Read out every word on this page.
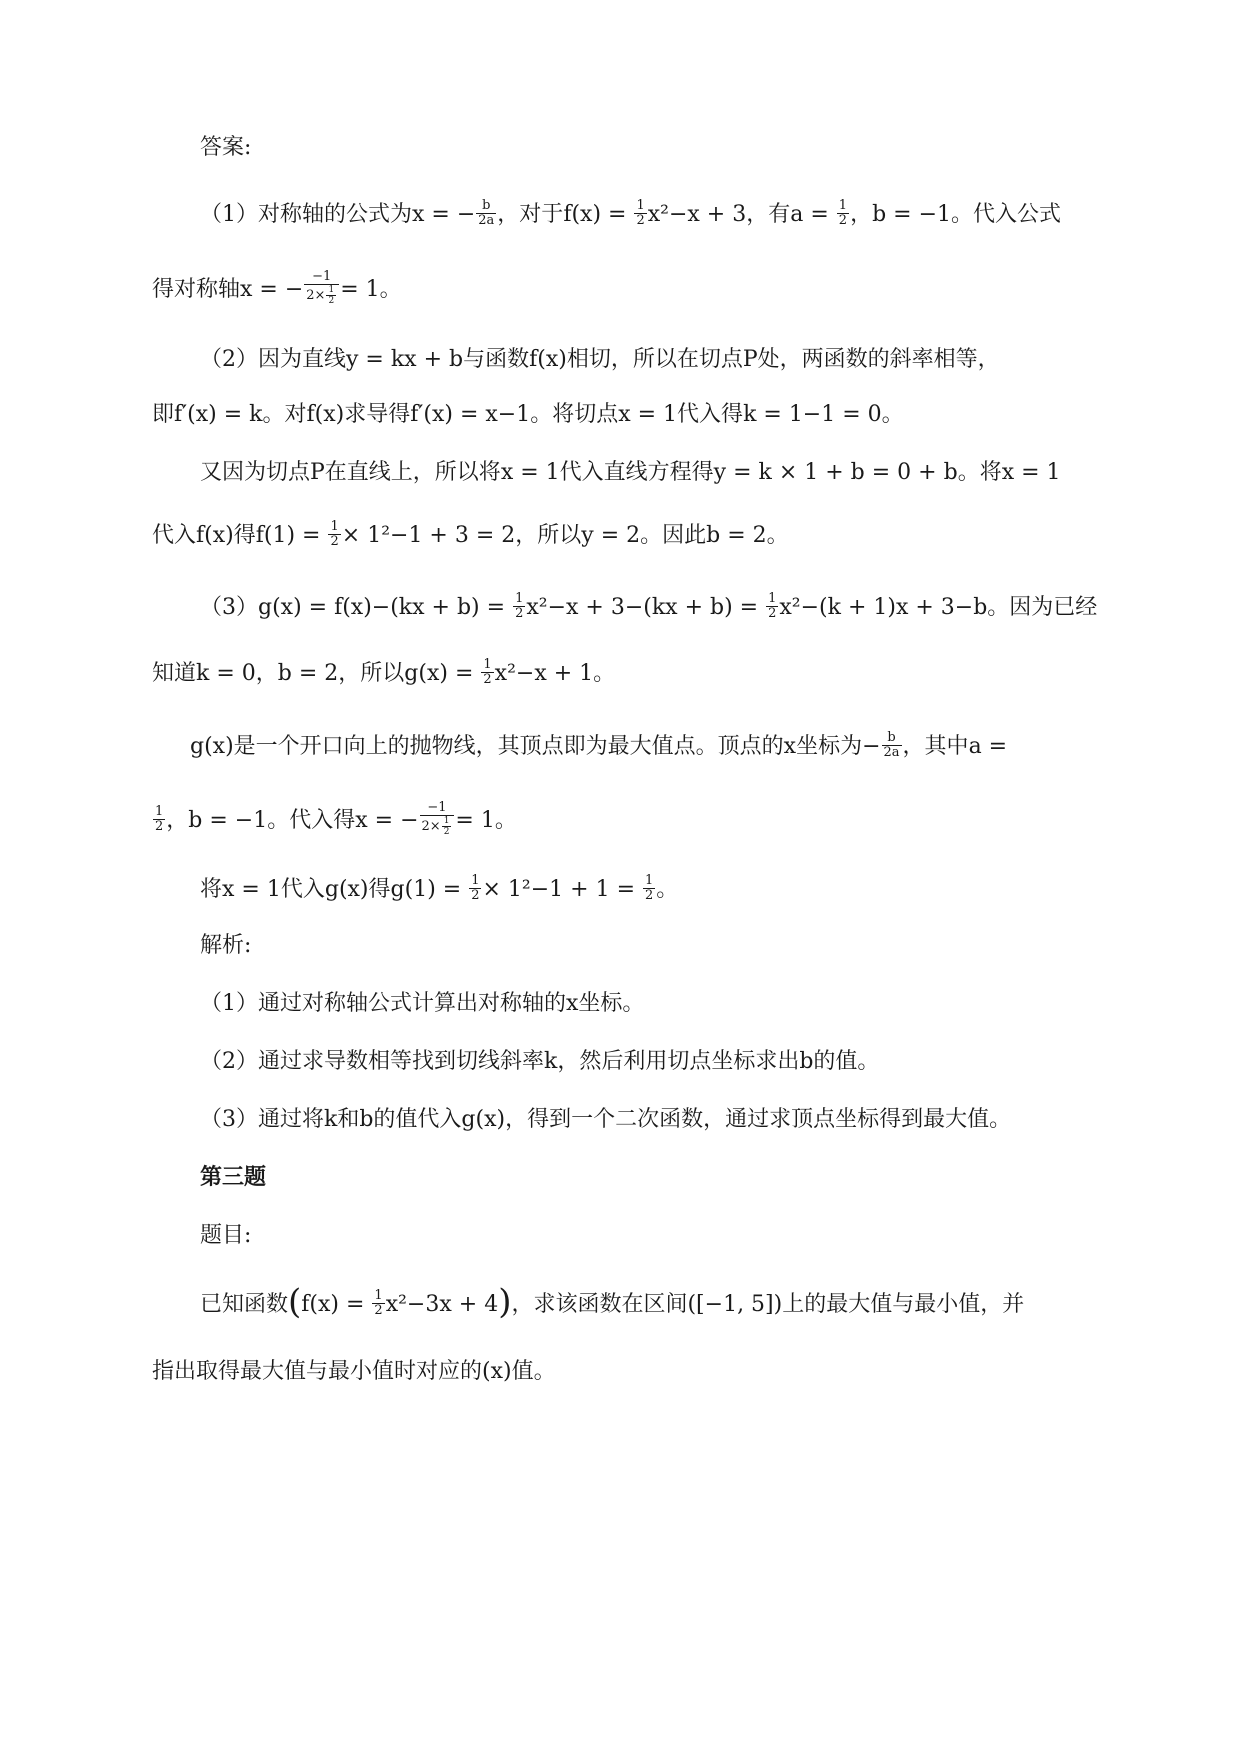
答案:
（1）对称轴的公式为x = − $\frac{b}{2a}$ ，对于$f(x) = \frac{1}{2} x^2-x + 3$，有$a = \frac{1}{2}$ ，b = −1。代入公式
得对称轴x = − $\frac{-1}{2\times \frac{1}{2}} = 1$。
（2）因为直线y = kx + b与函数f(x)相切，所以在切点P处，两函数的斜率相等，
即f′(x) = k。对f(x)求导得f′(x) = x−1。将切点x = 1代入得k = 1−1 = 0。
又因为切点P在直线上，所以将x = 1代入直线方程得y = k × 1 + b = 0 + b。将x = 1
代入f(x)得$f(1) = \frac{1}{2} \times 1^2-1 + 3 = 2$，所以y = 2。因此b = 2。
$(3)g(x) = f(x)-(kx + b) = \frac{1}{2} x^2-x + 3-(kx + b) = \frac{1}{2} x^2-(k + 1)x + 3-b$。因为已经
知道k = 0，b = 2，所以$g(x) = \frac{1}{2} x^2-x + 1$。
g(x)是一个开口向上的抛物线，其顶点即为最大值点。顶点的x坐标为− $\frac{b}{2a}$ ，其中a =
$\frac{1}{2}$ ，b = −1。代入得x = − $\frac{-1}{2\times \frac{1}{2}} = 1$。
将x = 1代入g(x)得$g(1) = \frac{1}{2} \times 1^2-1 + 1 = \frac{1}{2}$ 。
解析:
（1）通过对称轴公式计算出对称轴的x坐标。
（2）通过求导数相等找到切线斜率k，然后利用切点坐标求出b的值。
（3）通过将k和b的值代入g(x)，得到一个二次函数，通过求顶点坐标得到最大值。
第三题
题目:
已知函数$(f(x) = \frac{1}{2} x^2-3x + 4)$，求该函数在区间([−1, 5])上的最大值与最小值，并
指出取得最大值与最小值时对应的(x)值。
